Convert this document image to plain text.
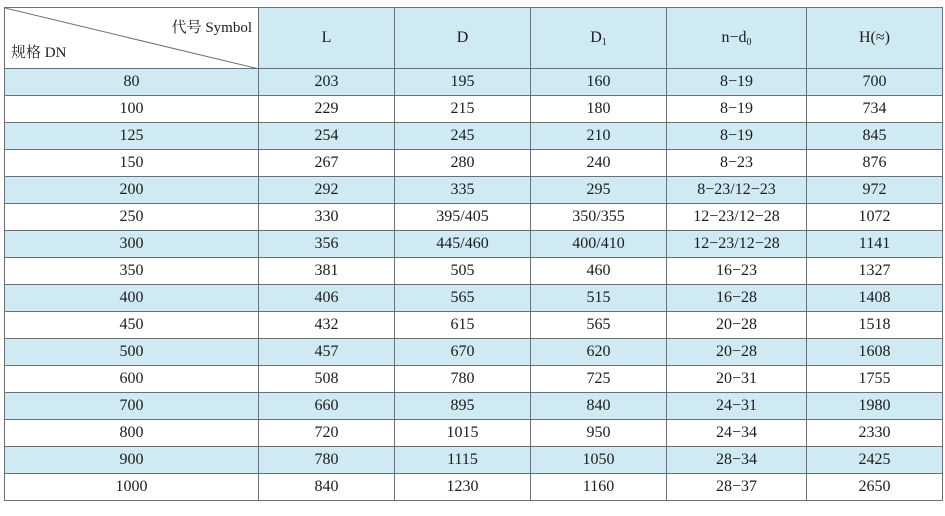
代号 Symbol
规格 DN	L	D	$D_1$	$n-d_0$	H(≈)
80	203	195	160	8−19	700
100	229	215	180	8−19	734
125	254	245	210	8−19	845
150	267	280	240	8−23	876
200	292	335	295	8−23/12−23	972
250	330	395/405	350/355	12−23/12−28	1072
300	356	445/460	400/410	12−23/12−28	1141
350	381	505	460	16−23	1327
400	406	565	515	16−28	1408
450	432	615	565	20−28	1518
500	457	670	620	20−28	1608
600	508	780	725	20−31	1755
700	660	895	840	24−31	1980
800	720	1015	950	24−34	2330
900	780	1115	1050	28−34	2425
1000	840	1230	1160	28−37	2650
